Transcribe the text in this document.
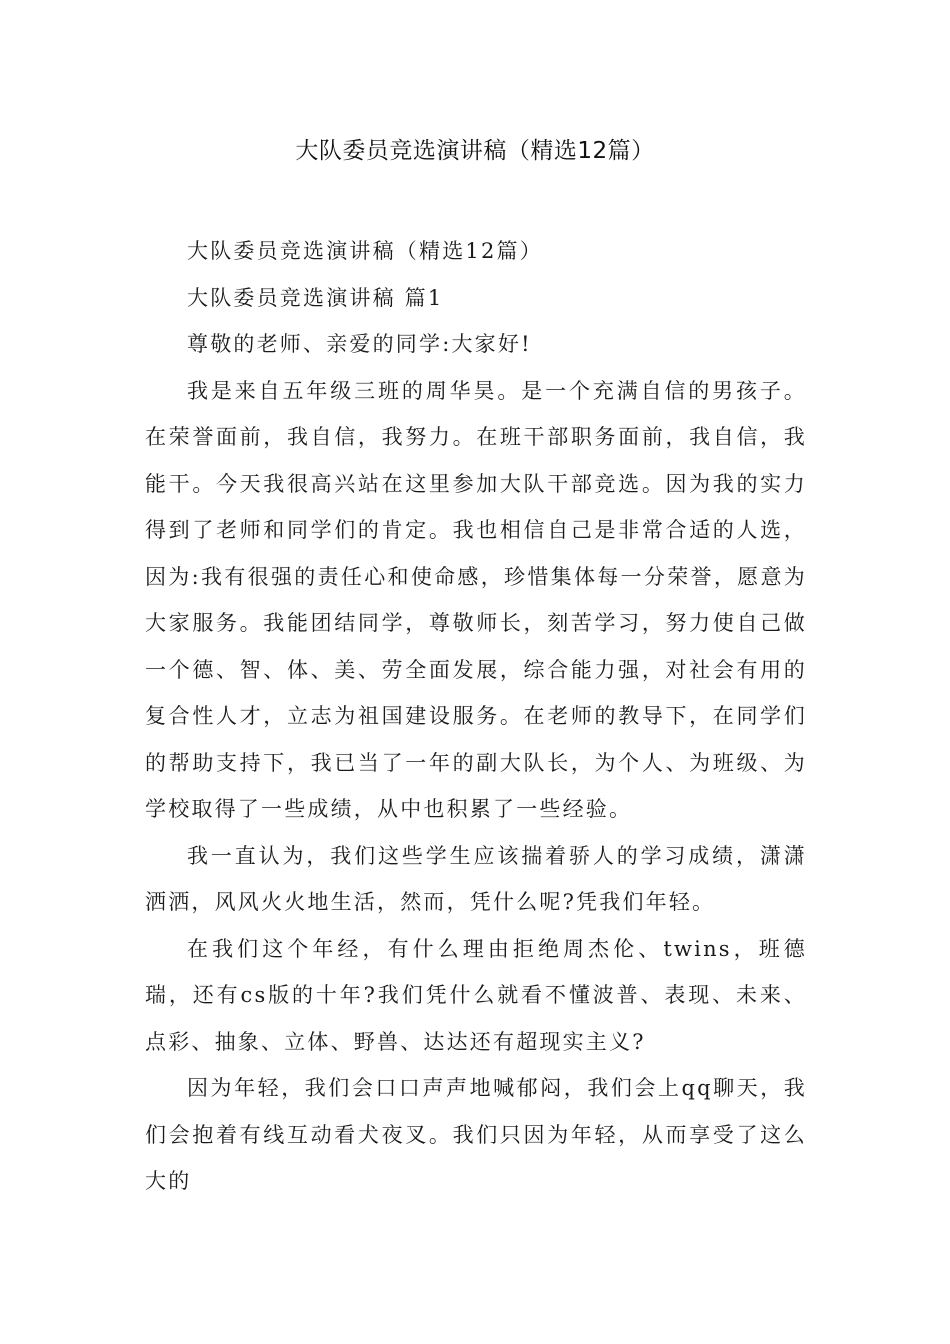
大队委员竞选演讲稿（精选12篇）

大队委员竞选演讲稿（精选12篇）

大队委员竞选演讲稿 篇1

尊敬的老师、亲爱的同学:大家好!

我是来自五年级三班的周华昊。是一个充满自信的男孩子。在荣誉面前，我自信，我努力。在班干部职务面前，我自信，我能干。今天我很高兴站在这里参加大队干部竞选。因为我的实力得到了老师和同学们的肯定。我也相信自己是非常合适的人选，因为:我有很强的责任心和使命感，珍惜集体每一分荣誉，愿意为大家服务。我能团结同学，尊敬师长，刻苦学习，努力使自己做一个德、智、体、美、劳全面发展，综合能力强，对社会有用的复合性人才，立志为祖国建设服务。在老师的教导下，在同学们的帮助支持下，我已当了一年的副大队长，为个人、为班级、为学校取得了一些成绩，从中也积累了一些经验。

我一直认为，我们这些学生应该揣着骄人的学习成绩，潇潇洒洒，风风火火地生活，然而，凭什么呢?凭我们年轻。

在我们这个年经，有什么理由拒绝周杰伦、twins，班德瑞，还有cs版的十年?我们凭什么就看不懂波普、表现、未来、点彩、抽象、立体、野兽、达达还有超现实主义?

因为年轻，我们会口口声声地喊郁闷，我们会上qq聊天，我们会抱着有线互动看犬夜叉。我们只因为年轻，从而享受了这么大的
